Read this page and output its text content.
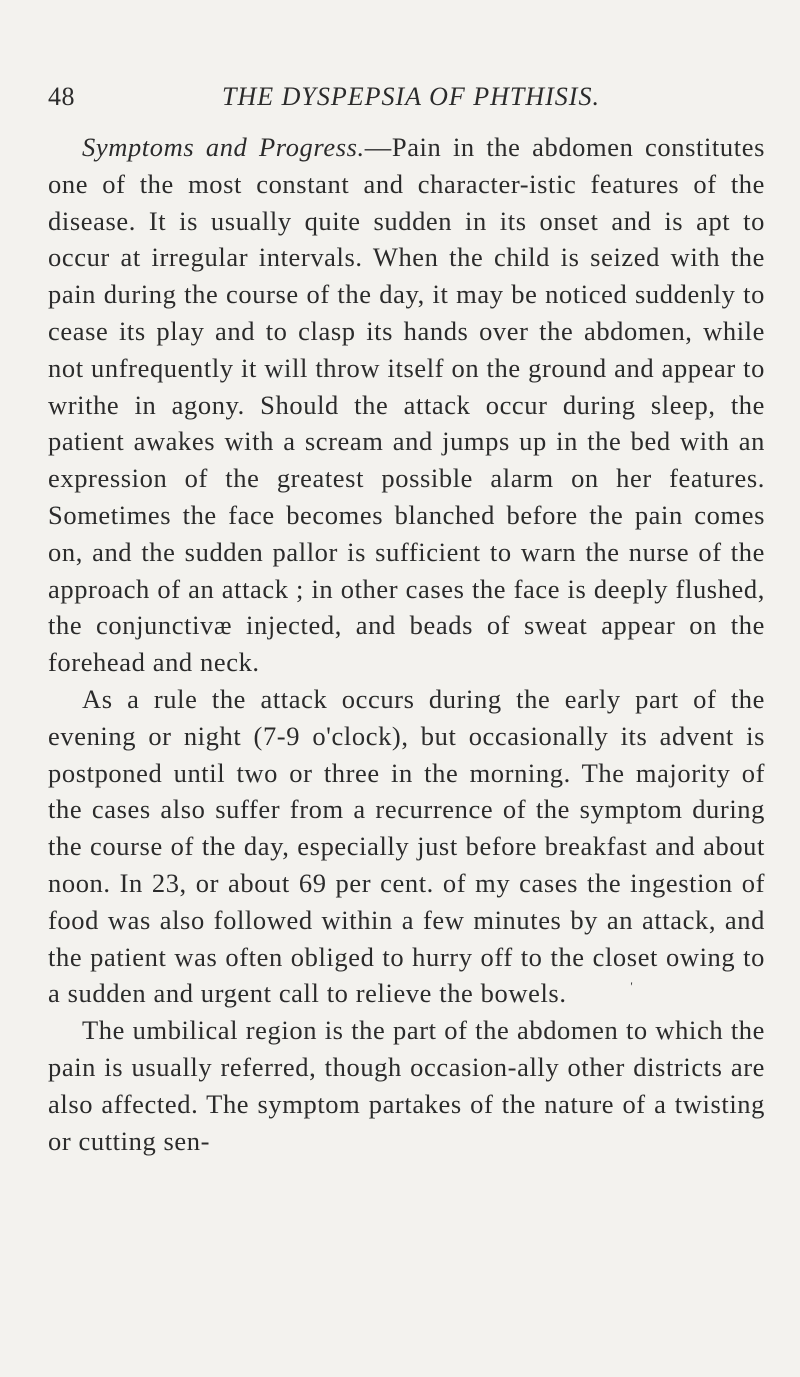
48	THE DYSPEPSIA OF PHTHISIS.

Symptoms and Progress.—Pain in the abdomen constitutes one of the most constant and character-istic features of the disease. It is usually quite sudden in its onset and is apt to occur at irregular intervals. When the child is seized with the pain during the course of the day, it may be noticed suddenly to cease its play and to clasp its hands over the abdomen, while not unfrequently it will throw itself on the ground and appear to writhe in agony. Should the attack occur during sleep, the patient awakes with a scream and jumps up in the bed with an expression of the greatest possible alarm on her features. Sometimes the face becomes blanched before the pain comes on, and the sudden pallor is sufficient to warn the nurse of the approach of an attack ; in other cases the face is deeply flushed, the conjunctivæ injected, and beads of sweat appear on the forehead and neck.

As a rule the attack occurs during the early part of the evening or night (7-9 o'clock), but occasionally its advent is postponed until two or three in the morning. The majority of the cases also suffer from a recurrence of the symptom during the course of the day, especially just before breakfast and about noon. In 23, or about 69 per cent. of my cases the ingestion of food was also followed within a few minutes by an attack, and the patient was often obliged to hurry off to the closet owing to a sudden and urgent call to relieve the bowels.	'

The umbilical region is the part of the abdomen to which the pain is usually referred, though occasion-ally other districts are also affected. The symptom partakes of the nature of a twisting or cutting sen-
